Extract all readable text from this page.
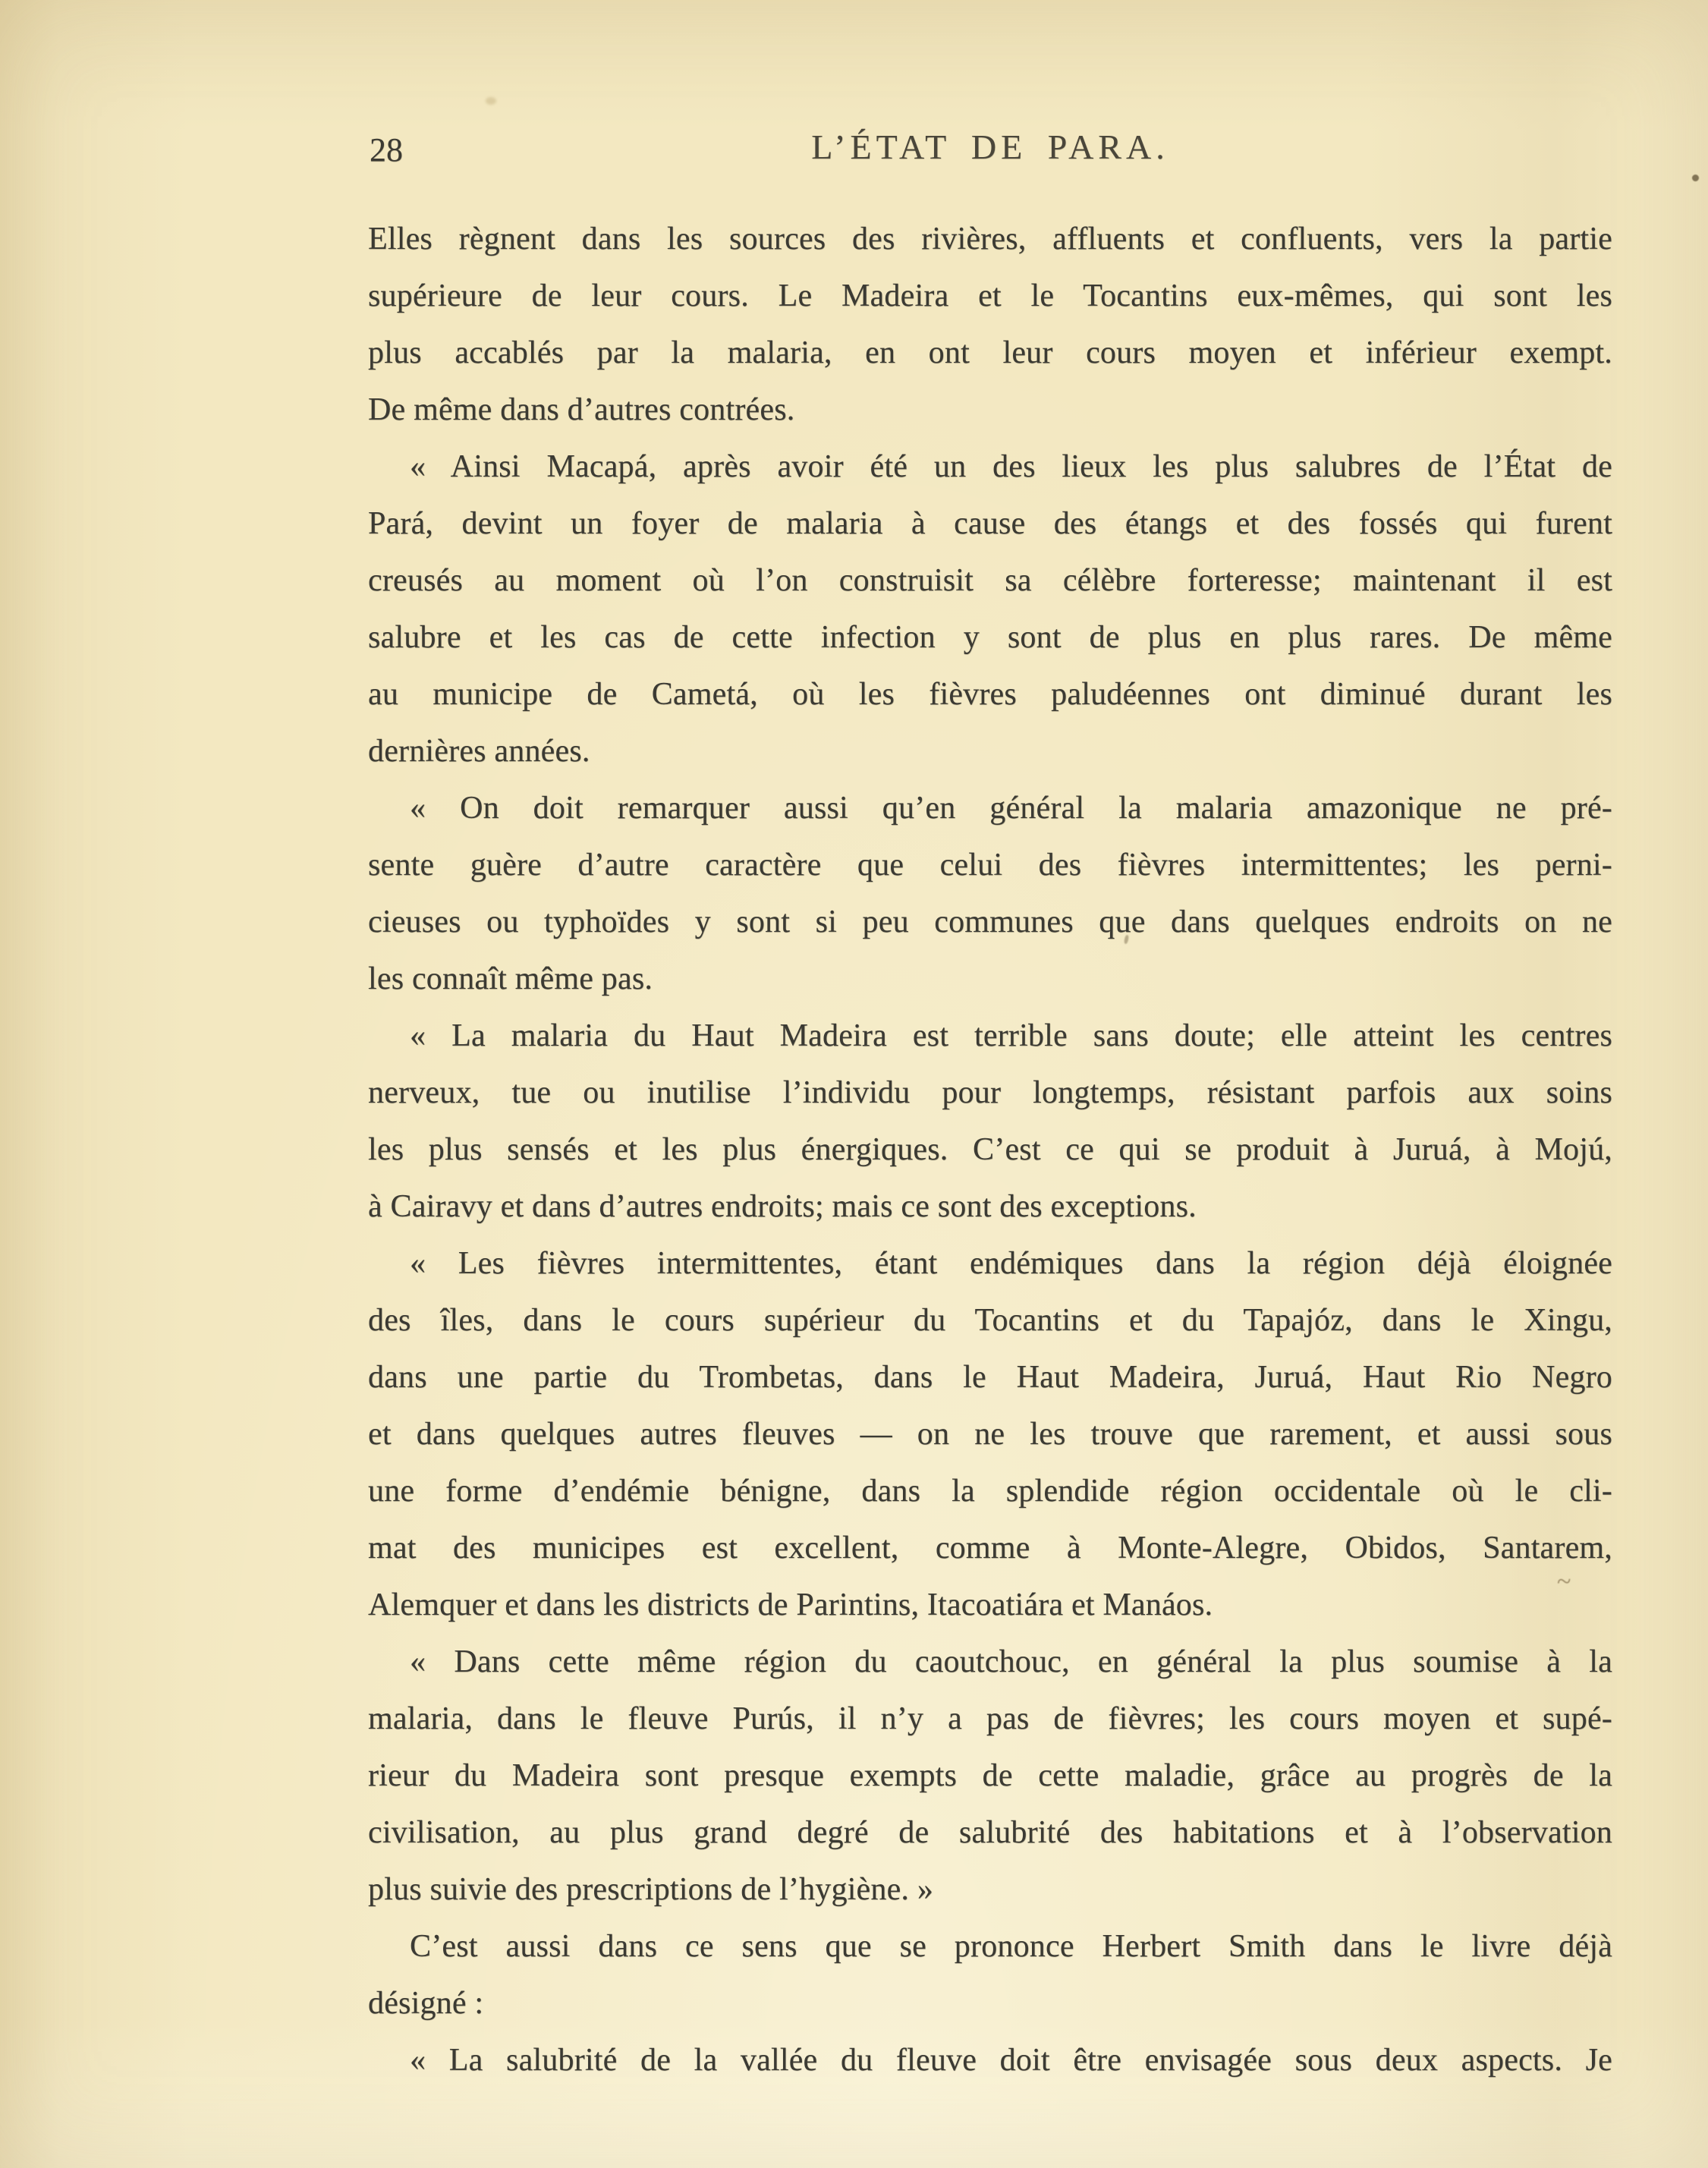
28	L’ÉTAT DE PARA.
Elles règnent dans les sources des rivières, affluents et confluents, vers la partie
supérieure de leur cours. Le Madeira et le Tocantins eux-mêmes, qui sont les
plus accablés par la malaria, en ont leur cours moyen et inférieur exempt.
De même dans d’autres contrées.
« Ainsi Macapá, après avoir été un des lieux les plus salubres de l’État de
Pará, devint un foyer de malaria à cause des étangs et des fossés qui furent
creusés au moment où l’on construisit sa célèbre forteresse; maintenant il est
salubre et les cas de cette infection y sont de plus en plus rares. De même
au municipe de Cametá, où les fièvres paludéennes ont diminué durant les
dernières années.
« On doit remarquer aussi qu’en général la malaria amazonique ne pré-
sente guère d’autre caractère que celui des fièvres intermittentes; les perni-
cieuses ou typhoïdes y sont si peu communes que dans quelques endroits on ne
les connaît même pas.
« La malaria du Haut Madeira est terrible sans doute; elle atteint les centres
nerveux, tue ou inutilise l’individu pour longtemps, résistant parfois aux soins
les plus sensés et les plus énergiques. C’est ce qui se produit à Juruá, à Mojú,
à Cairavy et dans d’autres endroits; mais ce sont des exceptions.
« Les fièvres intermittentes, étant endémiques dans la région déjà éloignée
des îles, dans le cours supérieur du Tocantins et du Tapajóz, dans le Xingu,
dans une partie du Trombetas, dans le Haut Madeira, Juruá, Haut Rio Negro
et dans quelques autres fleuves — on ne les trouve que rarement, et aussi sous
une forme d’endémie bénigne, dans la splendide région occidentale où le cli-
mat des municipes est excellent, comme à Monte-Alegre, Obidos, Santarem,
Alemquer et dans les districts de Parintins, Itacoatiára et Manáos.
« Dans cette même région du caoutchouc, en général la plus soumise à la
malaria, dans le fleuve Purús, il n’y a pas de fièvres; les cours moyen et supé-
rieur du Madeira sont presque exempts de cette maladie, grâce au progrès de la
civilisation, au plus grand degré de salubrité des habitations et à l’observation
plus suivie des prescriptions de l’hygiène. »
C’est aussi dans ce sens que se prononce Herbert Smith dans le livre déjà
désigné :
« La salubrité de la vallée du fleuve doit être envisagée sous deux aspects. Je
~
